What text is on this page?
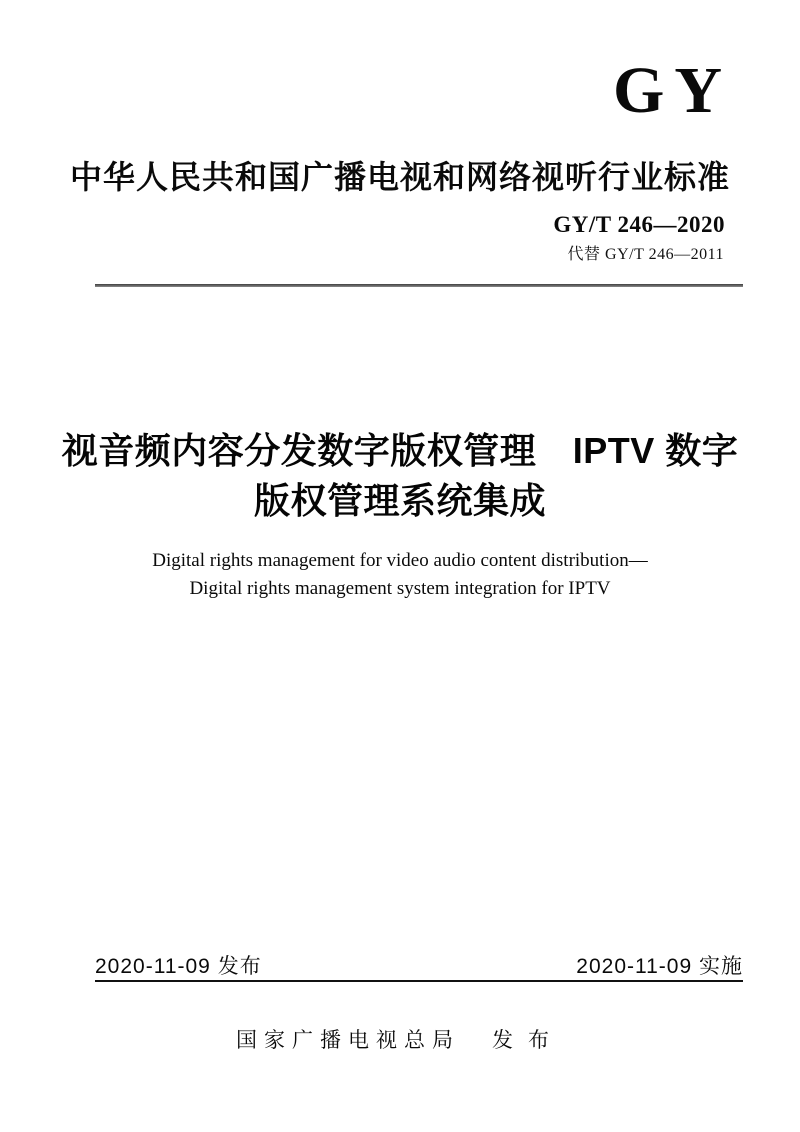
GY
中华人民共和国广播电视和网络视听行业标准
GY/T 246—2020
代替 GY/T 246—2011
视音频内容分发数字版权管理　IPTV 数字
版权管理系统集成
Digital rights management for video audio content distribution—
Digital rights management system integration for IPTV
2020-11-09 发布	2020-11-09 实施
国家广播电视总局 发布
